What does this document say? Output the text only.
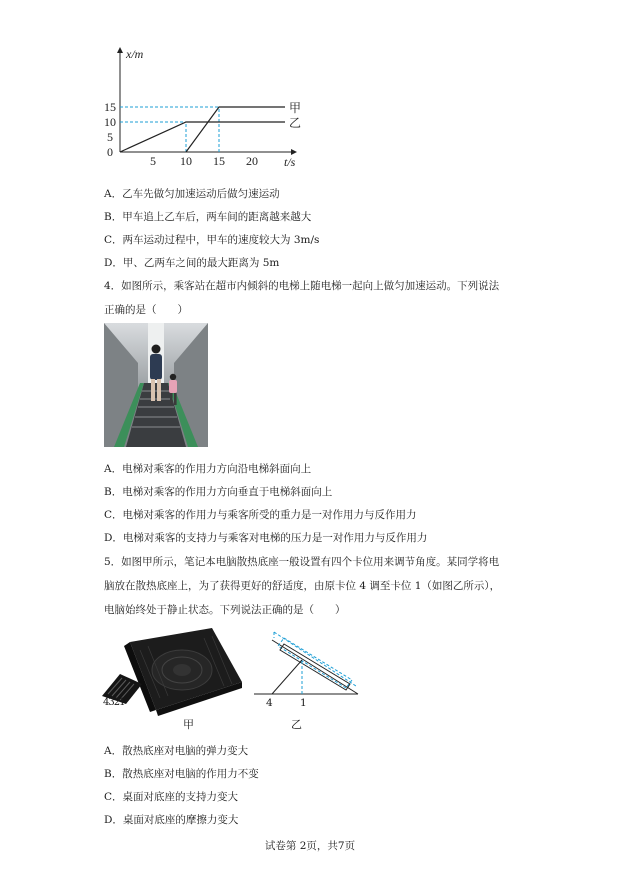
0
5 10 15 20
5
10
15
t/s
x/m
甲
乙
A．乙车先做匀加速运动后做匀速运动
B．甲车追上乙车后，两车间的距离越来越大
C．两车运动过程中，甲车的速度较大为 3m/s
D．甲、乙两车之间的最大距离为 5m
4．如图所示，乘客站在超市内倾斜的电梯上随电梯一起向上做匀加速运动。下列说法
正确的是（　　）
A．电梯对乘客的作用力方向沿电梯斜面向上
B．电梯对乘客的作用力方向垂直于电梯斜面向上
C．电梯对乘客的作用力与乘客所受的重力是一对作用力与反作用力
D．电梯对乘客的支持力与乘客对电梯的压力是一对作用力与反作用力
5．如图甲所示，笔记本电脑散热底座一般设置有四个卡位用来调节角度。某同学将电
脑放在散热底座上，为了获得更好的舒适度，由原卡位 4 调至卡位 1（如图乙所示），
电脑始终处于静止状态。下列说法正确的是（　　）
4321
甲
4	1
乙
A．散热底座对电脑的弹力变大
B．散热底座对电脑的作用力不变
C．桌面对底座的支持力变大
D．桌面对底座的摩擦力变大
试卷第 2页，共7页
